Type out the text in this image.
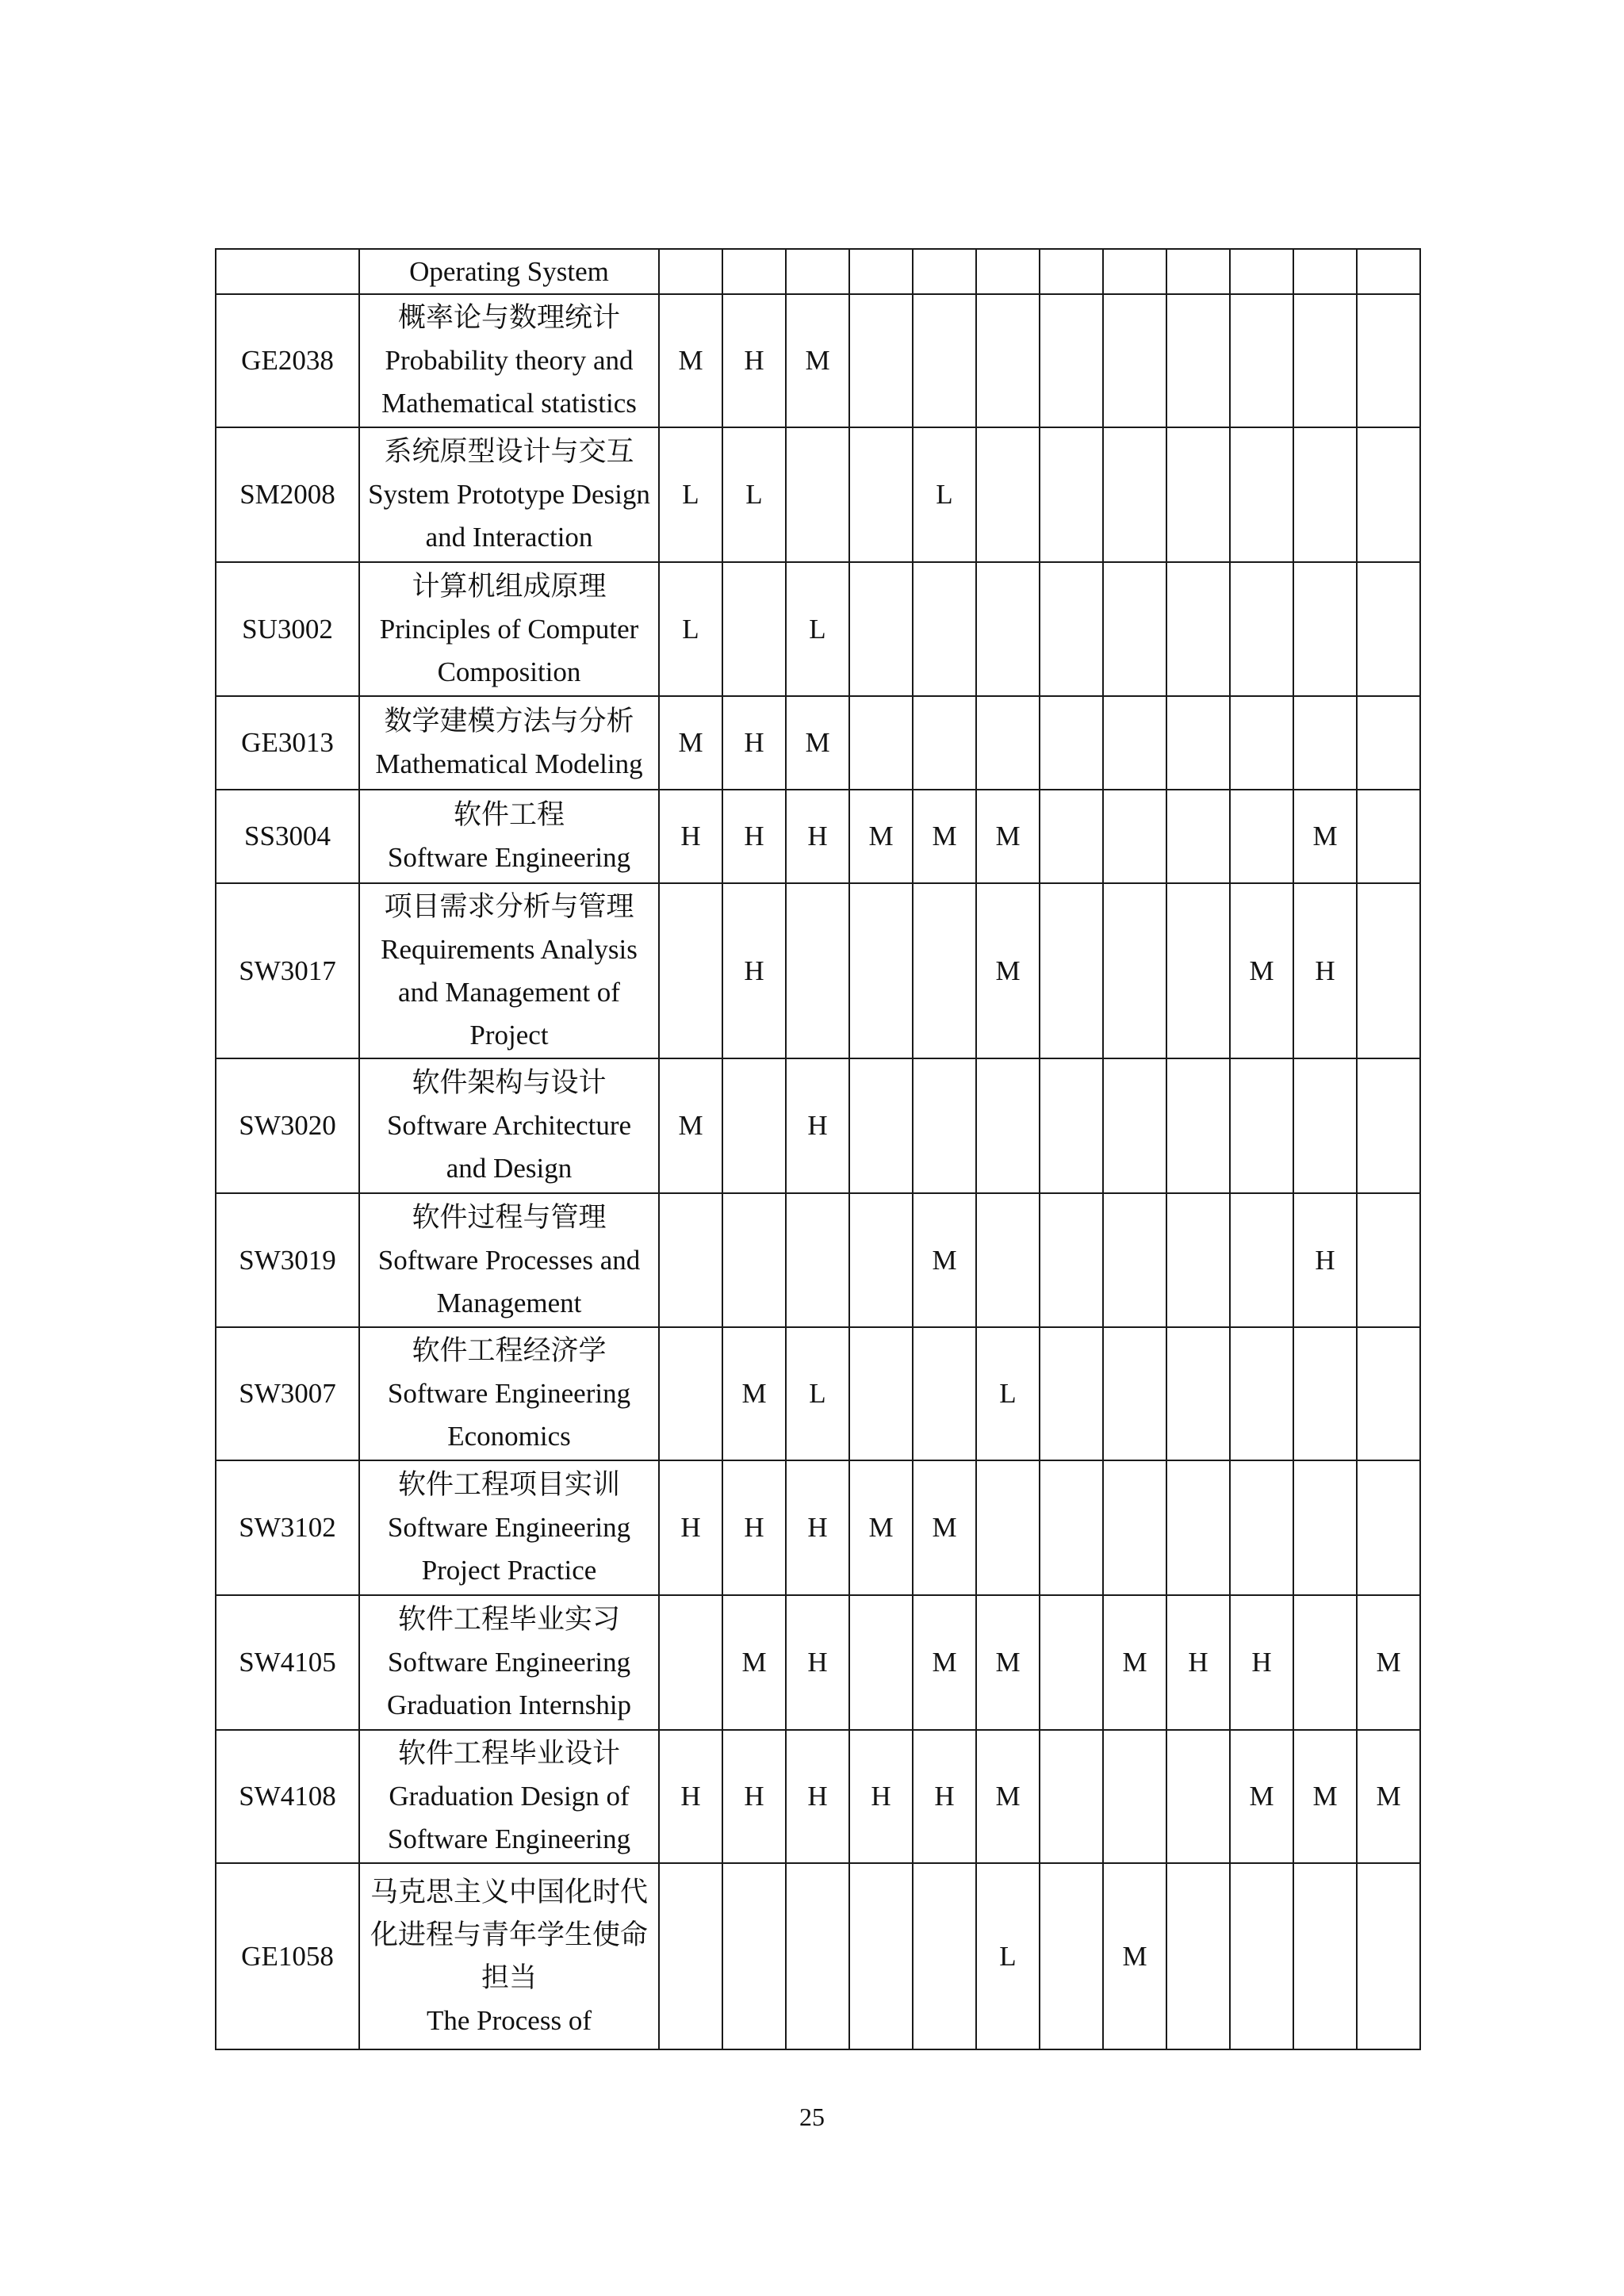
	Operating System												

GE2038	概率论与数理统计
Probability theory and
Mathematical statistics	M	H	M									
SM2008	系统原型设计与交互
System Prototype Design
and Interaction	L	L			L							
SU3002	计算机组成原理
Principles of Computer
Composition	L		L									
GE3013	数学建模方法与分析
Mathematical Modeling	M	H	M									
SS3004	软件工程
Software Engineering	H	H	H	M	M	M					M	
SW3017	项目需求分析与管理
Requirements Analysis
and Management of
Project		H				M				M	H	
SW3020	软件架构与设计
Software Architecture
and Design	M		H									
SW3019	软件过程与管理
Software Processes and
Management					M						H	
SW3007	软件工程经济学
Software Engineering
Economics		M	L			L						
SW3102	软件工程项目实训
Software Engineering
Project Practice	H	H	H	M	M							
SW4105	软件工程毕业实习
Software Engineering
Graduation Internship		M	H		M	M		M	H	H		M
SW4108	软件工程毕业设计
Graduation Design of
Software Engineering	H	H	H	H	H	M				M	M	M
GE1058	马克思主义中国化时代
化进程与青年学生使命
担当
The Process of						L		M				
25
